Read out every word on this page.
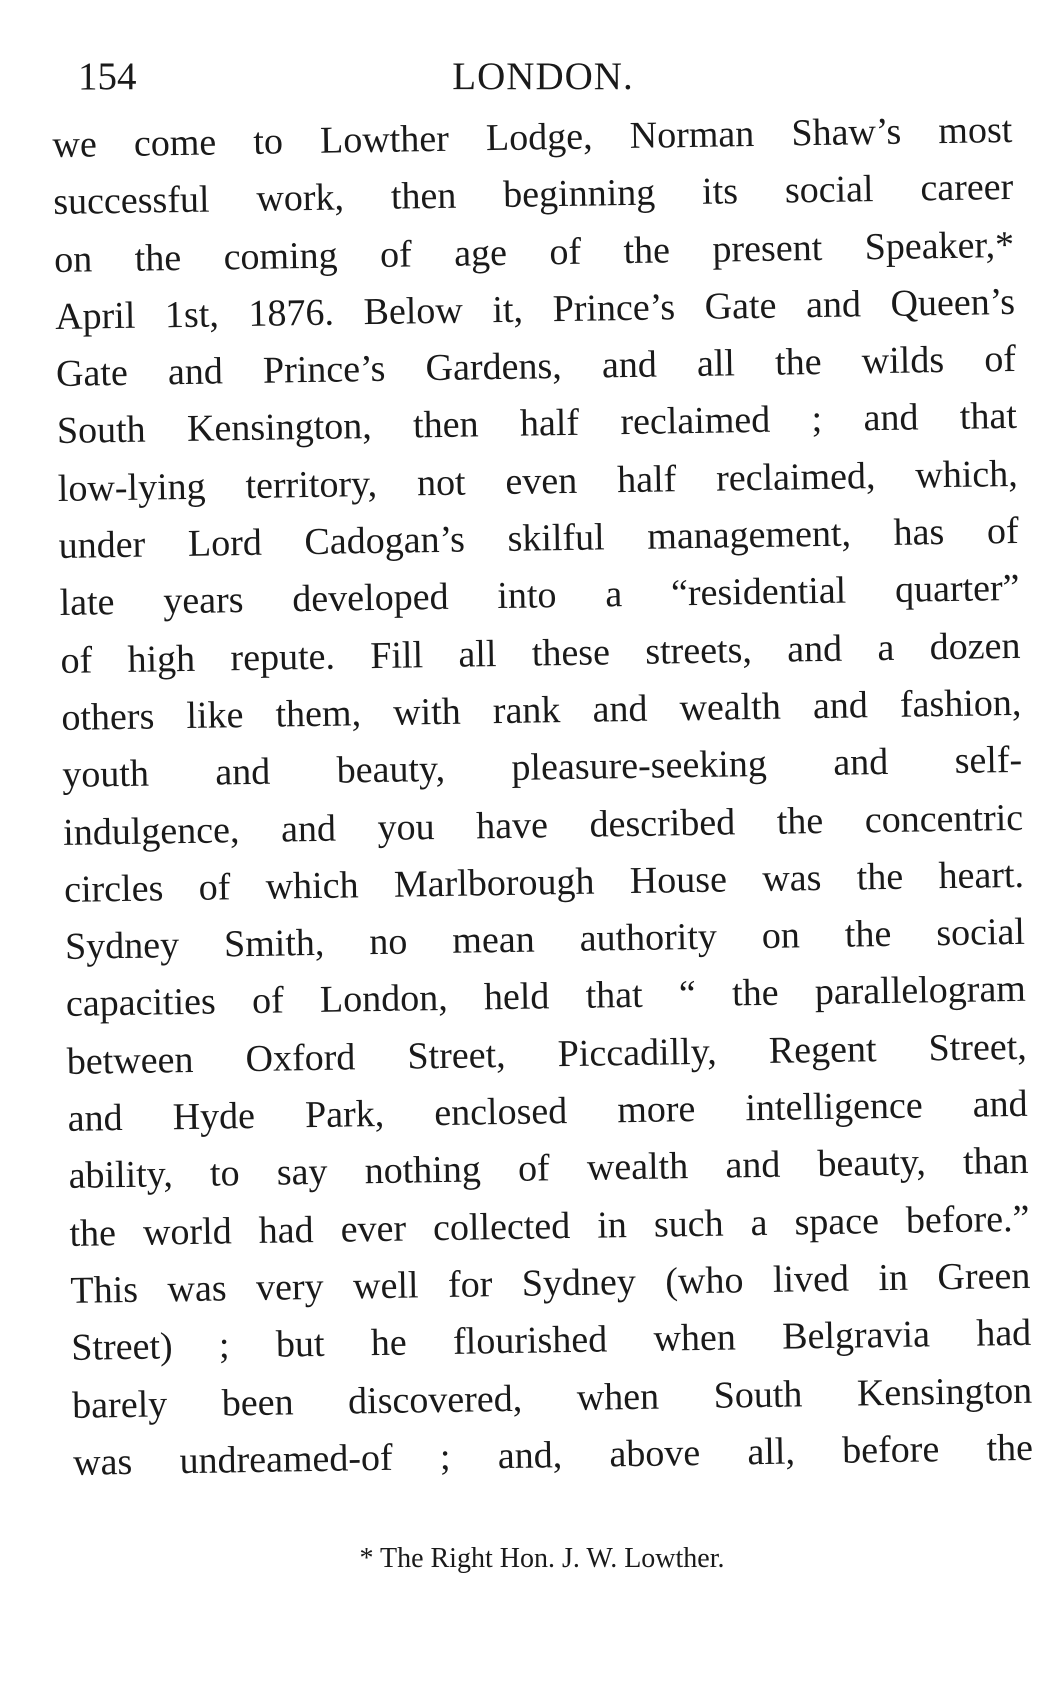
154	LONDON.
we come to Lowther Lodge, Norman Shaw’s most
successful work, then beginning its social career
on the coming of age of the present Speaker,*
April 1st, 1876. Below it, Prince’s Gate and Queen’s
Gate and Prince’s Gardens, and all the wilds of
South Kensington, then half reclaimed ; and that
low-lying territory, not even half reclaimed, which,
under Lord Cadogan’s skilful management, has of
late years developed into a “residential quarter”
of high repute. Fill all these streets, and a dozen
others like them, with rank and wealth and fashion,
youth and beauty, pleasure-seeking and self-
indulgence, and you have described the concentric
circles of which Marlborough House was the heart.
Sydney Smith, no mean authority on the social
capacities of London, held that “ the parallelogram
between Oxford Street, Piccadilly, Regent Street,
and Hyde Park, enclosed more intelligence and
ability, to say nothing of wealth and beauty, than
the world had ever collected in such a space before.”
This was very well for Sydney (who lived in Green
Street) ; but he flourished when Belgravia had
barely been discovered, when South Kensington
was undreamed-of ; and, above all, before the
* The Right Hon. J. W. Lowther.
